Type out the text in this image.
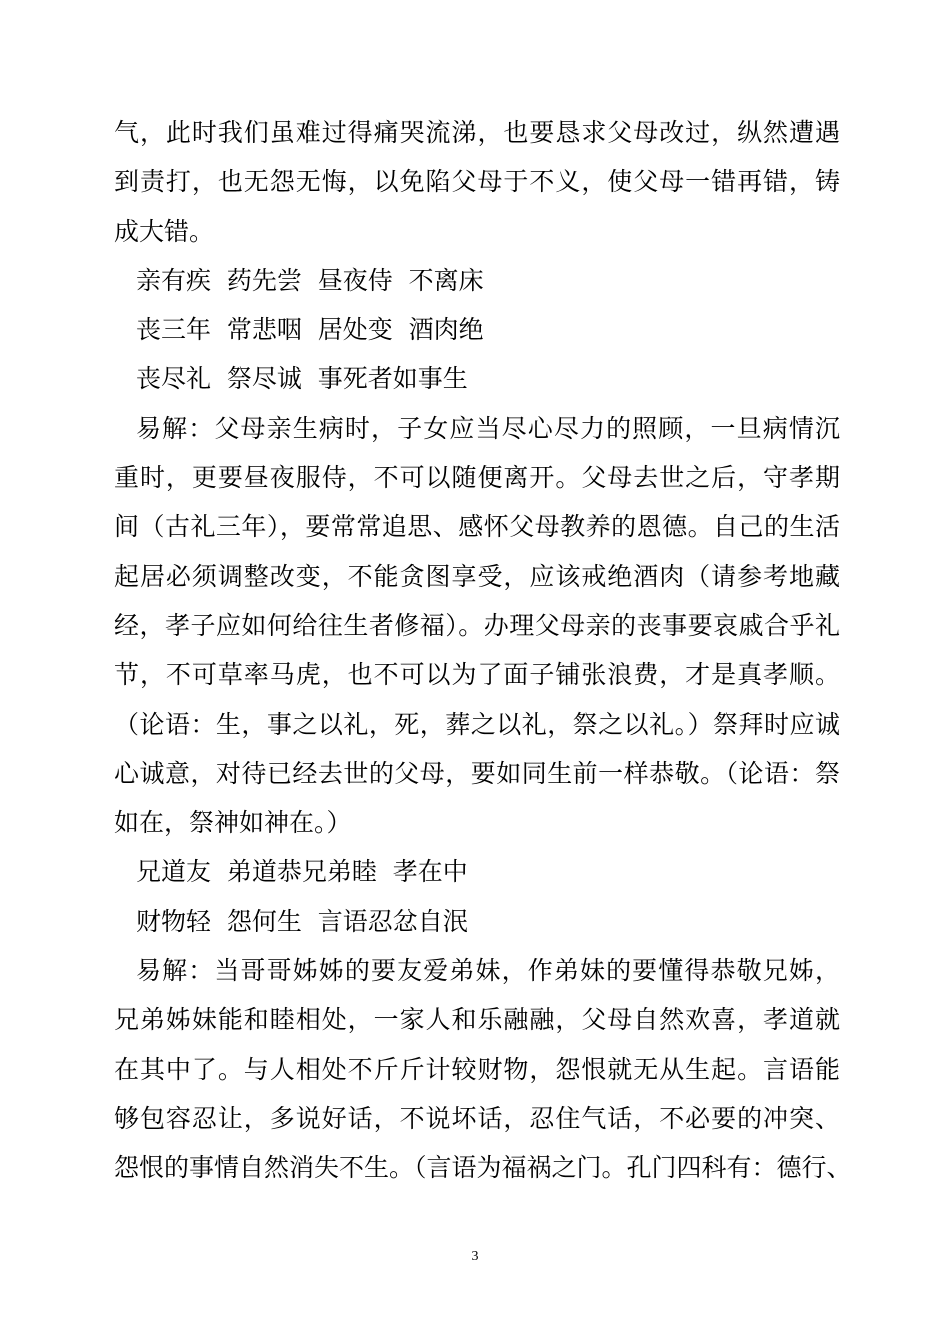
气，此时我们虽难过得痛哭流涕，也要恳求父母改过，纵然遭遇
到责打，也无怨无悔，以免陷父母于不义，使父母一错再错，铸
成大错。
亲有疾  药先尝  昼夜侍  不离床
丧三年  常悲咽  居处变  酒肉绝
丧尽礼  祭尽诚  事死者如事生
易解：父母亲生病时，子女应当尽心尽力的照顾，一旦病情沉
重时，更要昼夜服侍，不可以随便离开。父母去世之后，守孝期
间（古礼三年），要常常追思、感怀父母教养的恩德。自己的生活
起居必须调整改变，不能贪图享受，应该戒绝酒肉（请参考地藏
经，孝子应如何给往生者修福）。办理父母亲的丧事要哀戚合乎礼
节，不可草率马虎，也不可以为了面子铺张浪费，才是真孝顺。
（论语：生，事之以礼，死，葬之以礼，祭之以礼。）祭拜时应诚
心诚意，对待已经去世的父母，要如同生前一样恭敬。（论语：祭
如在，祭神如神在。）
兄道友  弟道恭兄弟睦  孝在中
财物轻  怨何生  言语忍忿自泯
易解：当哥哥姊姊的要友爱弟妹，作弟妹的要懂得恭敬兄姊，
兄弟姊妹能和睦相处，一家人和乐融融，父母自然欢喜，孝道就
在其中了。与人相处不斤斤计较财物，怨恨就无从生起。言语能
够包容忍让，多说好话，不说坏话，忍住气话，不必要的冲突、
怨恨的事情自然消失不生。（言语为福祸之门。孔门四科有：德行、
3
